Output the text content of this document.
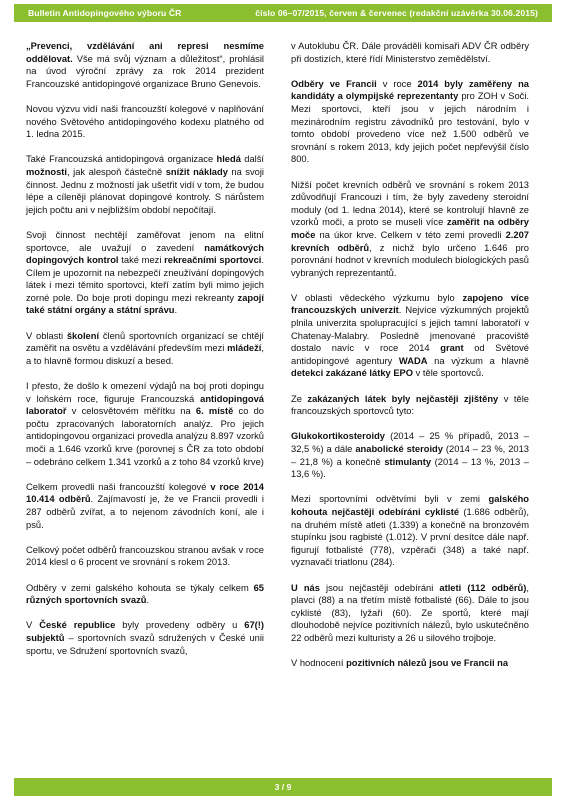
Bulletin Antidopingového výboru ČR	číslo 06–07/2015, červen & červenec (redakční uzávěrka 30.06.2015)

„Prevenci, vzdělávání ani represi nesmíme oddělovat. Vše má svůj význam a důležitost“, prohlásil na úvod výroční zprávy za rok 2014 prezident Francouzské antidopingové organizace Bruno Genevois.

Novou výzvu vidí naši francouzští kolegové v naplňování nového Světového antidopingového kodexu platného od 1. ledna 2015.

Také Francouzská antidopingová organizace hledá další možnosti, jak alespoň částečně snížit náklady na svoji činnost. Jednu z možností jak ušetřit vidí v tom, že budou lépe a cíleněji plánovat dopingové kontroly. S nárůstem jejich počtu ani v nejbližším období nepočítají.

Svoji činnost nechtějí zaměřovat jenom na elitní sportovce, ale uvažují o zavedení namátkových dopingových kontrol také mezi rekreačními sportovci. Cílem je upozornit na nebezpečí zneužívání dopingových látek i mezi těmito sportovci, kteří zatím byli mimo jejich zorné pole. Do boje proti dopingu mezi rekreanty zapojí také státní orgány a státní správu.

V oblasti školení členů sportovních organizací se chtějí zaměřit na osvětu a vzdělávání především mezi mládeží, a to hlavně formou diskuzí a besed.

I přesto, že došlo k omezení výdajů na boj proti dopingu v loňském roce, figuruje Francouzská antidopingová laboratoř v celosvětovém měřítku na 6. místě co do počtu zpracovaných laboratorních analýz. Pro jejich antidopingovou organizaci provedla analýzu 8.897 vzorků moči a 1.646 vzorků krve (porovnej s ČR za toto období – odebráno celkem 1.341 vzorků a z toho 84 vzorků krve)

Celkem provedli naši francouzští kolegové v roce 2014 10.414 odběrů. Zajímavostí je, že ve Francii provedli i 287 odběrů zvířat, a to nejenom závodních koní, ale i psů.

Celkový počet odběrů francouzskou stranou avšak v roce 2014 klesl o 6 procent ve srovnání s rokem 2013.

Odběry v zemi galského kohouta se týkaly celkem 65 různých sportovních svazů.

V České republice byly provedeny odběry u 67(!) subjektů – sportovních svazů sdružených v České unii sportu, ve Sdružení sportovních svazů,

v Autoklubu ČR. Dále prováděli komisaři ADV ČR odběry při dostizích, které řídí Ministerstvo zemědělství.

Odběry ve Francii v roce 2014 byly zaměřeny na kandidáty a olympijské reprezentanty pro ZOH v Soči. Mezi sportovci, kteří jsou v jejich národním i mezinárodním registru závodníků pro testování, bylo v tomto období provedeno více než 1.500 odběrů ve srovnání s rokem 2013, kdy jejich počet nepřevýšil číslo 800.

Nižší počet krevních odběrů ve srovnání s rokem 2013 zdůvodňují Francouzi i tím, že byly zavedeny steroidní moduly (od 1. ledna 2014), které se kontrolují hlavně ze vzorků moči, a proto se museli více zaměřit na odběry moče na úkor krve. Celkem v této zemi provedli 2.207 krevních odběrů, z nichž bylo určeno 1.646 pro porovnání hodnot v krevních modulech biologických pasů vybraných reprezentantů.

V oblasti vědeckého výzkumu bylo zapojeno více francouzských univerzit. Nejvíce výzkumných projektů plnila univerzita spolupracující s jejich tamní laboratoří v Chatenay-Malabry. Posledně jmenované pracoviště dostalo navíc v roce 2014 grant od Světové antidopingové agentury WADA na výzkum a hlavně detekci zakázané látky EPO v těle sportovců.

Ze zakázaných látek byly nejčastěji zjištěny v těle francouzských sportovců tyto:

Glukokortikosteroidy (2014 – 25 % případů, 2013 – 32,5 %) a dále anabolické steroidy (2014 – 23 %, 2013 – 21,8 %) a konečně stimulanty (2014 – 13 %, 2013 – 13,6 %).

Mezi sportovními odvětvími byli v zemi galského kohouta nejčastěji odebíráni cyklisté (1.686 odběrů), na druhém místě atleti (1.339) a konečně na bronzovém stupínku jsou ragbisté (1.012). V první desítce dále např. figurují fotbalisté (778), vzpěrači (348) a také např. vyznavači triatlonu (284).

U nás jsou nejčastěji odebíráni atleti (112 odběrů), plavci (88) a na třetím místě fotbalisté (66). Dále to jsou cyklisté (83), lyžaři (60). Ze sportů, které mají dlouhodobě nejvíce pozitivních nálezů, bylo uskutečněno 22 odběrů mezi kulturisty a 26 u silového trojboje.

V hodnocení pozitivních nálezů jsou ve Francii na

3 / 9
